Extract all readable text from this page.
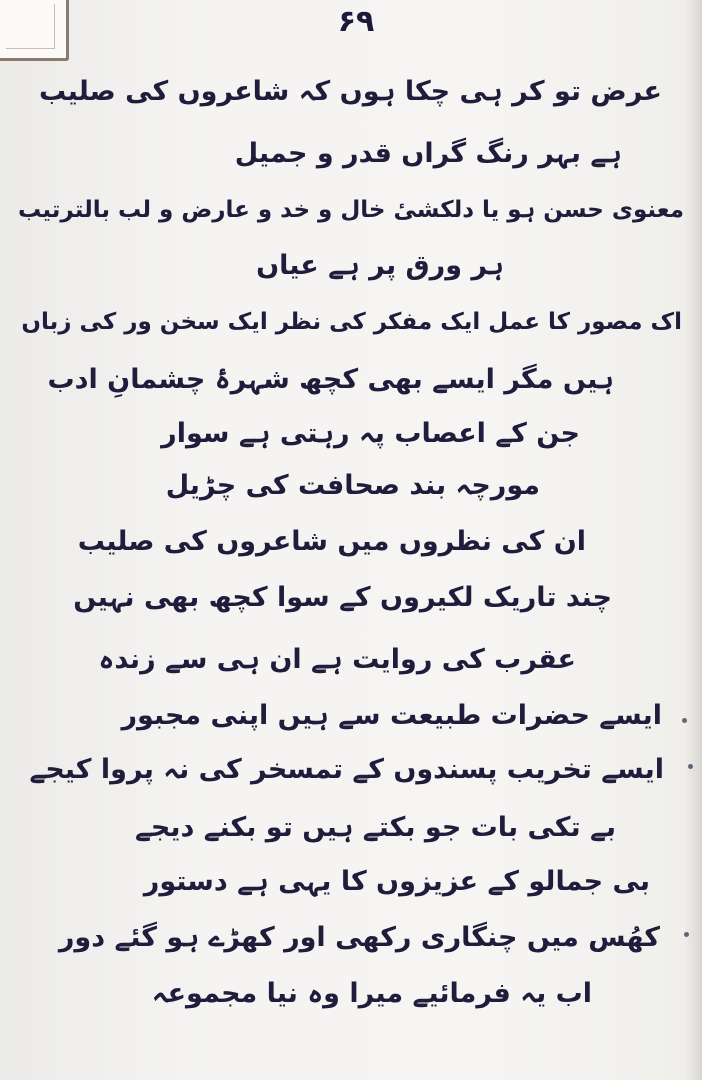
۶۹
عرض تو کر ہی چکا ہوں کہ شاعروں کی صلیب
ہے بہر رنگ گراں قدر و جمیل
معنوی حسن ہو یا دلکشیٔ خال و خد و عارض و لب بالترتیب
ہر ورق پر ہے عیاں
اک مصور کا عمل ایک مفکر کی نظر ایک سخن ور کی زباں
ہیں مگر ایسے بھی کچھ شہرۂ چشمانِ ادب
جن کے اعصاب پہ رہتی ہے سوار
مورچہ بند صحافت کی چڑیل
ان کی نظروں میں شاعروں کی صلیب
چند تاریک لکیروں کے سوا کچھ بھی نہیں
عقرب کی روایت ہے ان ہی سے زندہ
ایسے حضرات طبیعت سے ہیں اپنی مجبور
ایسے تخریب پسندوں کے تمسخر کی نہ پروا کیجے
بے تکی بات جو بکتے ہیں تو بکنے دیجے
بی جمالو کے عزیزوں کا یہی ہے دستور
کھُس میں چنگاری رکھی اور کھڑے ہو گئے دور
اب یہ فرمائیے میرا وہ نیا مجموعہ
